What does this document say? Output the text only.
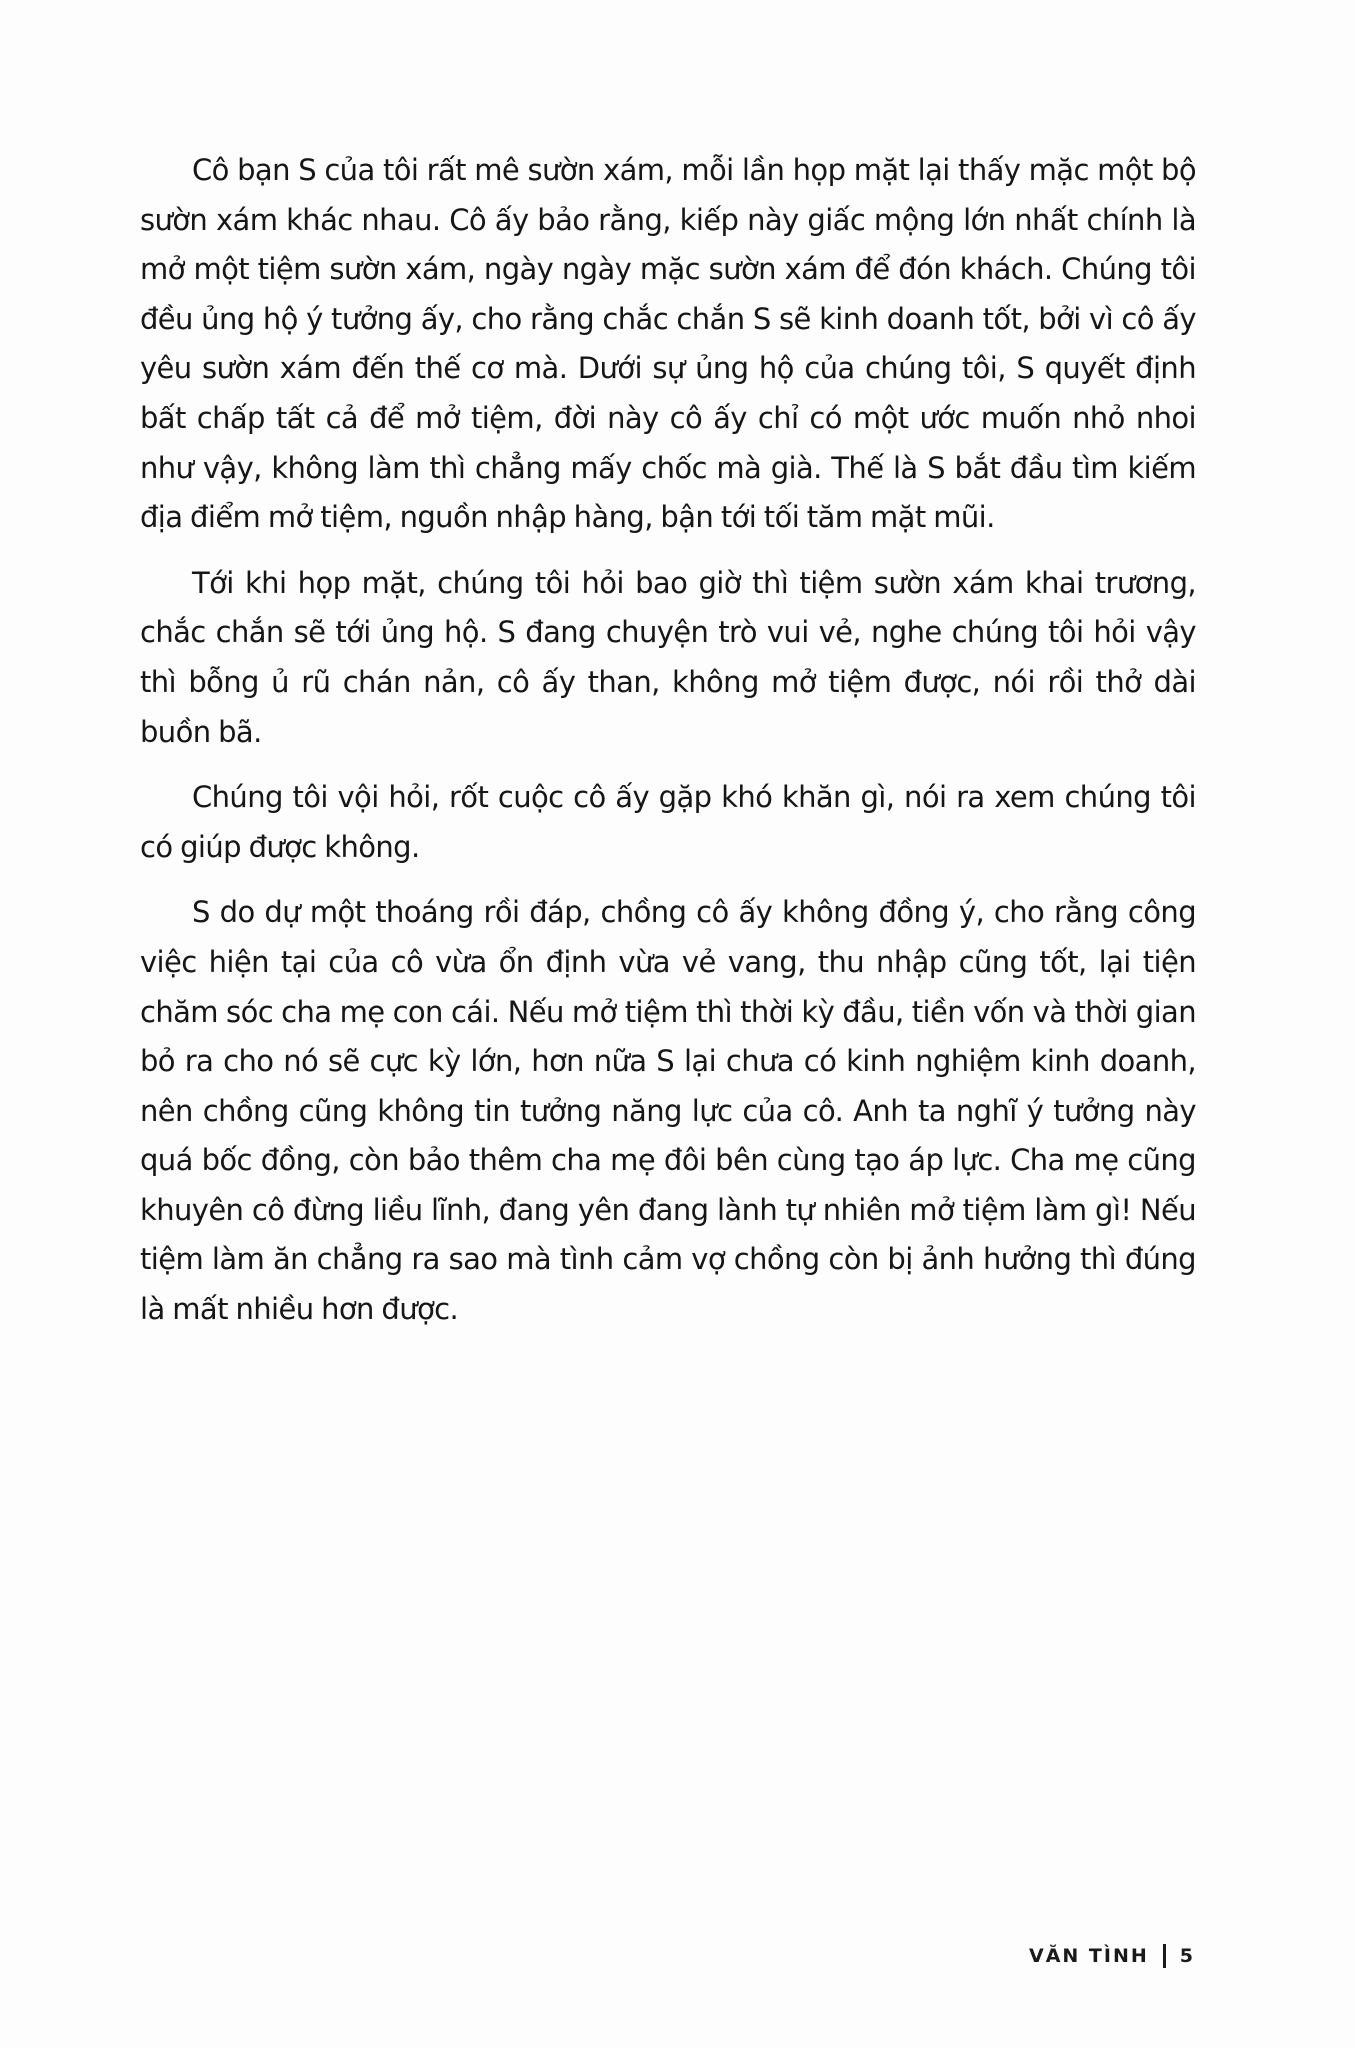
Cô bạn S của tôi rất mê sườn xám, mỗi lần họp mặt lại thấy mặc một bộ sườn xám khác nhau. Cô ấy bảo rằng, kiếp này giấc mộng lớn nhất chính là mở một tiệm sườn xám, ngày ngày mặc sườn xám để đón khách. Chúng tôi đều ủng hộ ý tưởng ấy, cho rằng chắc chắn S sẽ kinh doanh tốt, bởi vì cô ấy yêu sườn xám đến thế cơ mà. Dưới sự ủng hộ của chúng tôi, S quyết định bất chấp tất cả để mở tiệm, đời này cô ấy chỉ có một ước muốn nhỏ nhoi như vậy, không làm thì chẳng mấy chốc mà già. Thế là S bắt đầu tìm kiếm địa điểm mở tiệm, nguồn nhập hàng, bận tới tối tăm mặt mũi.

Tới khi họp mặt, chúng tôi hỏi bao giờ thì tiệm sườn xám khai trương, chắc chắn sẽ tới ủng hộ. S đang chuyện trò vui vẻ, nghe chúng tôi hỏi vậy thì bỗng ủ rũ chán nản, cô ấy than, không mở tiệm được, nói rồi thở dài buồn bã.

Chúng tôi vội hỏi, rốt cuộc cô ấy gặp khó khăn gì, nói ra xem chúng tôi có giúp được không.

S do dự một thoáng rồi đáp, chồng cô ấy không đồng ý, cho rằng công việc hiện tại của cô vừa ổn định vừa vẻ vang, thu nhập cũng tốt, lại tiện chăm sóc cha mẹ con cái. Nếu mở tiệm thì thời kỳ đầu, tiền vốn và thời gian bỏ ra cho nó sẽ cực kỳ lớn, hơn nữa S lại chưa có kinh nghiệm kinh doanh, nên chồng cũng không tin tưởng năng lực của cô. Anh ta nghĩ ý tưởng này quá bốc đồng, còn bảo thêm cha mẹ đôi bên cùng tạo áp lực. Cha mẹ cũng khuyên cô đừng liều lĩnh, đang yên đang lành tự nhiên mở tiệm làm gì! Nếu tiệm làm ăn chẳng ra sao mà tình cảm vợ chồng còn bị ảnh hưởng thì đúng là mất nhiều hơn được.

VĂN TÌNH 5
